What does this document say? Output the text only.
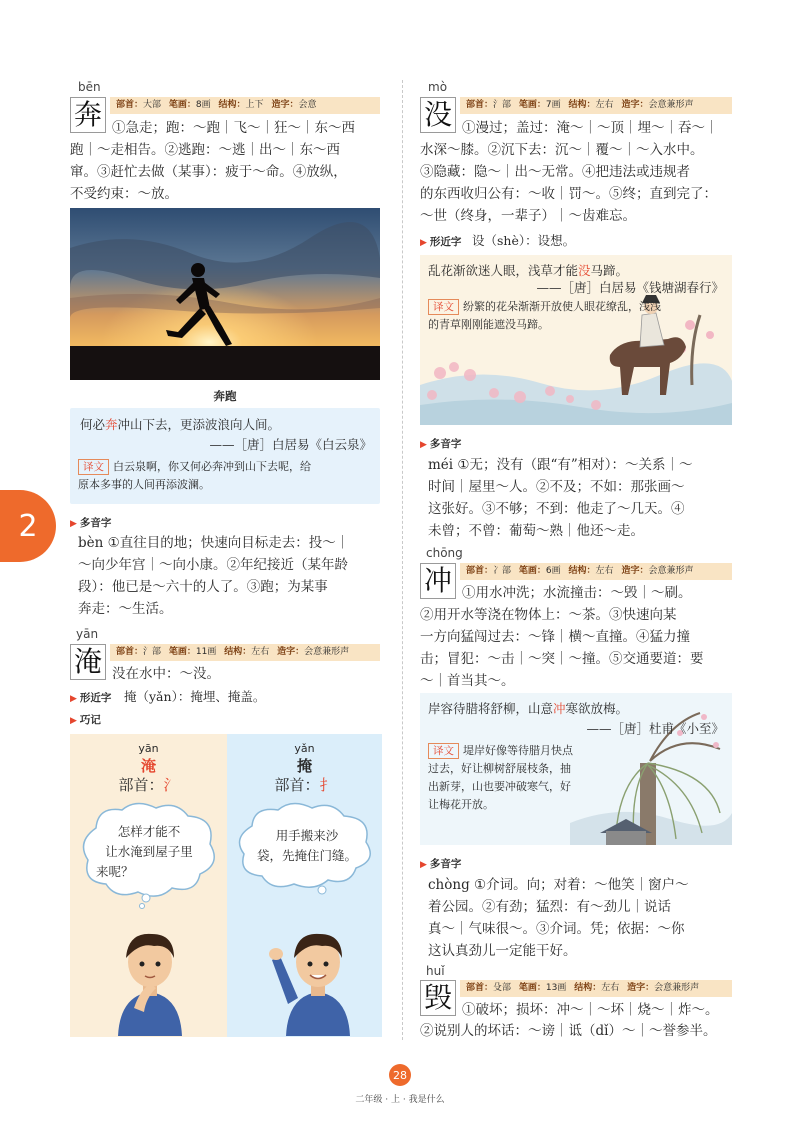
2
bēn
奔	部首：大部 笔画：8画 结构：上下 造字：会意
①急走；跑：～跑｜飞～｜狂～｜东～西
跑｜～走相告。②逃跑：～逃｜出～｜东～西
窜。③赶忙去做（某事）：疲于～命。④放纵，
不受约束：～放。
奔跑
何必奔冲山下去，更添波浪向人间。
——［唐］白居易《白云泉》
译文 白云泉啊，你又何必奔冲到山下去呢，给
原本多事的人间再添波澜。
▶ 多音字
bèn ①直往目的地；快速向目标走去：投～｜
～向少年宫｜～向小康。②年纪接近（某年龄
段）：他已是～六十的人了。③跑；为某事
奔走：～生活。
yān
淹	部首：氵部 笔画：11画 结构：左右 造字：会意兼形声
没在水中：～没。
▶ 形近字 掩（yǎn）：掩埋、掩盖。
▶ 巧记
yān
淹
部首：氵
yǎn
掩
部首：扌
怎样才能不
让水淹到屋子里
来呢？
用手搬来沙
袋，先掩住门缝。
mò
没	部首：氵部 笔画：7画 结构：左右 造字：会意兼形声
①漫过；盖过：淹～｜～顶｜埋～｜吞～｜
水深～膝。②沉下去：沉～｜覆～｜～入水中。
③隐藏：隐～｜出～无常。④把违法或违规者
的东西收归公有：～收｜罚～。⑤终；直到完了：
～世（终身，一辈子）｜～齿难忘。
▶ 形近字 设（shè）：设想。
乱花渐欲迷人眼，浅草才能没马蹄。
——［唐］白居易《钱塘湖春行》
译文 纷繁的花朵渐渐开放使人眼花缭乱，浅浅
的青草刚刚能遮没马蹄。
▶ 多音字
méi ①无；没有（跟“有”相对）：～关系｜～
时间｜屋里～人。②不及；不如：那张画～
这张好。③不够；不到：他走了～几天。④
未曾；不曾：葡萄～熟｜他还～走。
chōng
冲	部首：冫部 笔画：6画 结构：左右 造字：会意兼形声
①用水冲洗；水流撞击：～毁｜～刷。
②用开水等浇在物体上：～茶。③快速向某
一方向猛闯过去：～锋｜横～直撞。④猛力撞
击；冒犯：～击｜～突｜～撞。⑤交通要道：要
～｜首当其～。
岸容待腊将舒柳，山意冲寒欲放梅。
——［唐］杜甫《小至》
译文 堤岸好像等待腊月快点
过去，好让柳树舒展枝条，抽
出新芽，山也要冲破寒气，好
让梅花开放。
▶ 多音字
chòng ①介词。向；对着：～他笑｜窗户～
着公园。②有劲；猛烈：有～劲儿｜说话
真～｜气味很～。③介词。凭；依据：～你
这认真劲儿一定能干好。
huǐ
毁	部首：殳部 笔画：13画 结构：左右 造字：会意兼形声
①破坏；损坏：冲～｜～坏｜烧～｜炸～。
②说别人的坏话：～谤｜诋（dǐ）～｜～誉参半。
28
二年级 · 上 · 我是什么
